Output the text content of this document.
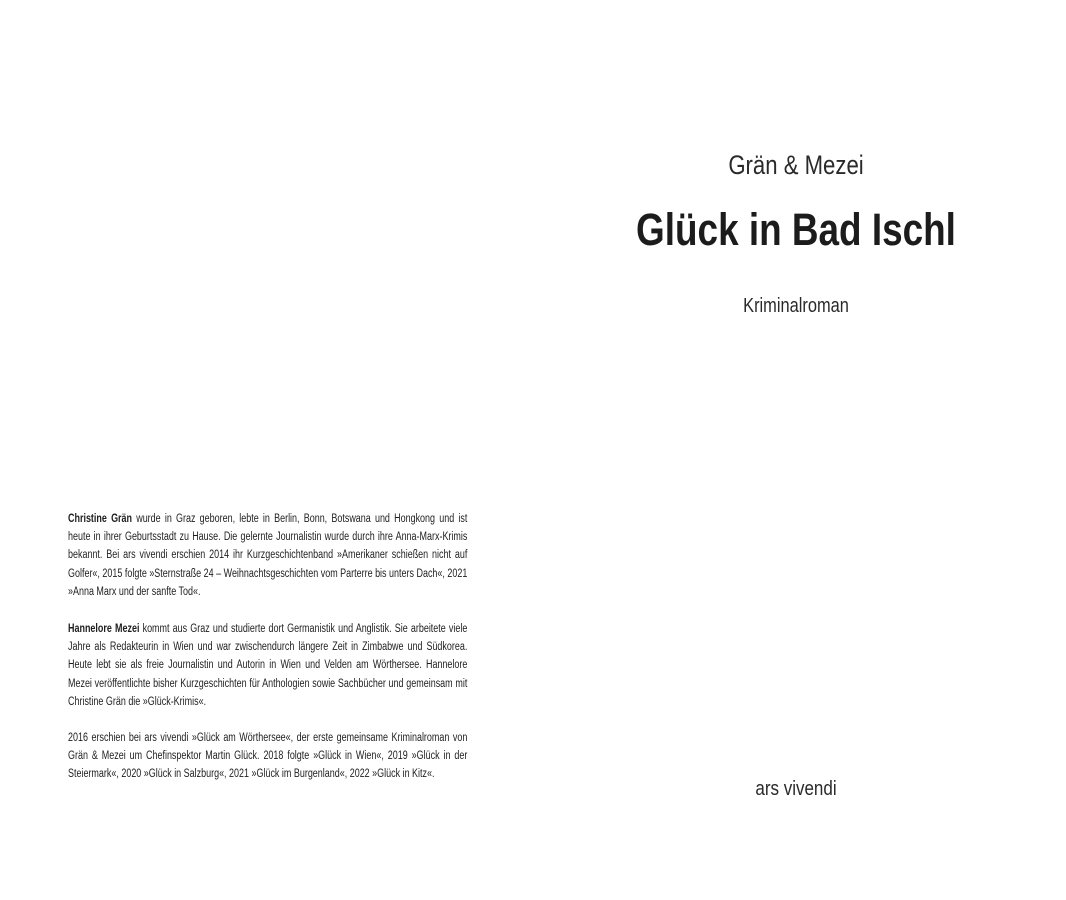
Christine Grän wurde in Graz geboren, lebte in Berlin, Bonn, Botswana und Hongkong und ist heute in ihrer Geburtsstadt zu Hause. Die gelernte Journalistin wurde durch ihre Anna-Marx-Krimis bekannt. Bei ars vivendi erschien 2014 ihr Kurzgeschichtenband »Amerikaner schießen nicht auf Golfer«, 2015 folgte »Sternstraße 24 – Weihnachtsgeschichten vom Parterre bis unters Dach«, 2021 »Anna Marx und der sanfte Tod«.

Hannelore Mezei kommt aus Graz und studierte dort Germanistik und Anglistik. Sie arbeitete viele Jahre als Redakteurin in Wien und war zwischendurch längere Zeit in Zimbabwe und Südkorea. Heute lebt sie als freie Journalistin und Autorin in Wien und Velden am Wörthersee. Hannelore Mezei veröffentlichte bisher Kurzgeschichten für Anthologien sowie Sachbücher und gemeinsam mit Christine Grän die »Glück-Krimis«.

2016 erschien bei ars vivendi »Glück am Wörthersee«, der erste gemeinsame Kriminalroman von Grän & Mezei um Chefinspektor Martin Glück. 2018 folgte »Glück in Wien«, 2019 »Glück in der Steiermark«, 2020 »Glück in Salzburg«, 2021 »Glück im Burgenland«, 2022 »Glück in Kitz«.

Grän & Mezei
Glück in Bad Ischl
Kriminalroman
ars vivendi
